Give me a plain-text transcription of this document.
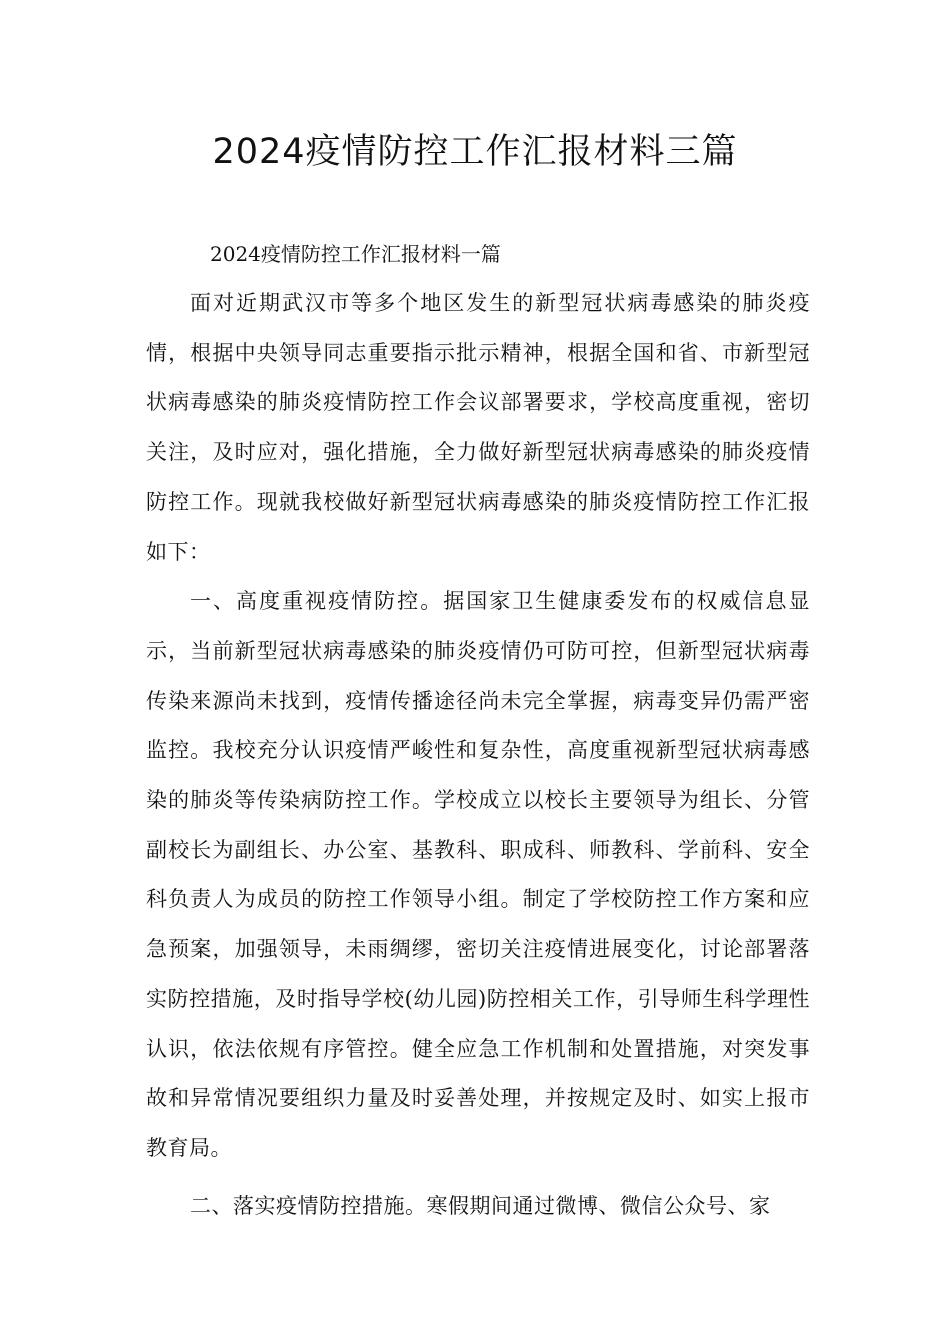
2024疫情防控工作汇报材料三篇
2024疫情防控工作汇报材料一篇

面对近期武汉市等多个地区发生的新型冠状病毒感染的肺炎疫情，根据中央领导同志重要指示批示精神，根据全国和省、市新型冠状病毒感染的肺炎疫情防控工作会议部署要求，学校高度重视，密切关注，及时应对，强化措施，全力做好新型冠状病毒感染的肺炎疫情防控工作。现就我校做好新型冠状病毒感染的肺炎疫情防控工作汇报如下：

一、高度重视疫情防控。据国家卫生健康委发布的权威信息显示，当前新型冠状病毒感染的肺炎疫情仍可防可控，但新型冠状病毒传染来源尚未找到，疫情传播途径尚未完全掌握，病毒变异仍需严密监控。我校充分认识疫情严峻性和复杂性，高度重视新型冠状病毒感染的肺炎等传染病防控工作。学校成立以校长主要领导为组长、分管副校长为副组长、办公室、基教科、职成科、师教科、学前科、安全科负责人为成员的防控工作领导小组。制定了学校防控工作方案和应急预案，加强领导，未雨绸缪，密切关注疫情进展变化，讨论部署落实防控措施，及时指导学校(幼儿园)防控相关工作，引导师生科学理性认识，依法依规有序管控。健全应急工作机制和处置措施，对突发事故和异常情况要组织力量及时妥善处理，并按规定及时、如实上报市教育局。

二、落实疫情防控措施。寒假期间通过微博、微信公众号、家
